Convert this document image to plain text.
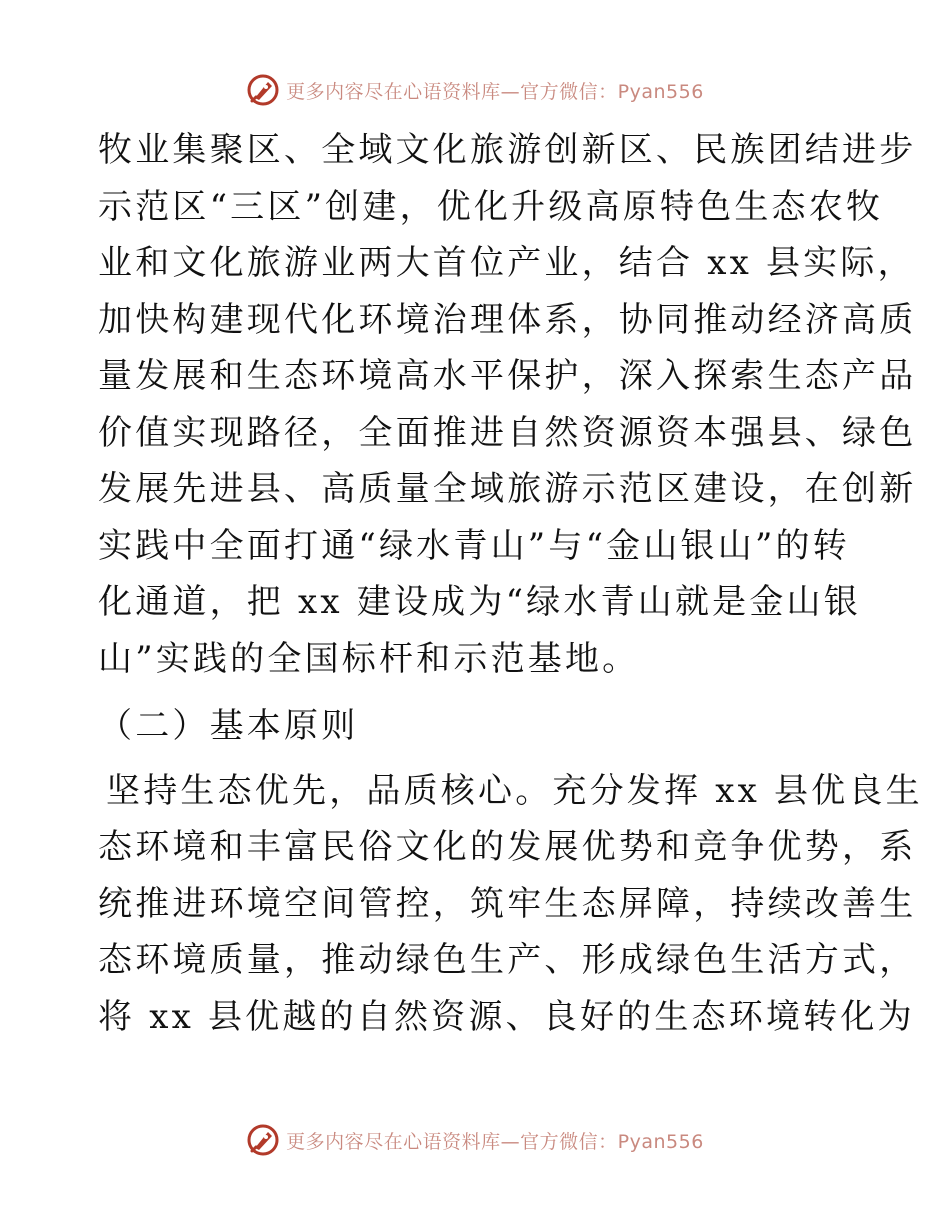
更多内容尽在心语资料库—官方微信：Pyan556
牧业集聚区、全域文化旅游创新区、民族团结进步
示范区“三区”创建，优化升级高原特色生态农牧
业和文化旅游业两大首位产业，结合 xx 县实际，
加快构建现代化环境治理体系，协同推动经济高质
量发展和生态环境高水平保护，深入探索生态产品
价值实现路径，全面推进自然资源资本强县、绿色
发展先进县、高质量全域旅游示范区建设，在创新
实践中全面打通“绿水青山”与“金山银山”的转
化通道，把 xx 建设成为“绿水青山就是金山银
山”实践的全国标杆和示范基地。
（二）基本原则
坚持生态优先，品质核心。充分发挥 xx 县优良生
态环境和丰富民俗文化的发展优势和竞争优势，系
统推进环境空间管控，筑牢生态屏障，持续改善生
态环境质量，推动绿色生产、形成绿色生活方式，
将 xx 县优越的自然资源、良好的生态环境转化为
更多内容尽在心语资料库—官方微信：Pyan556
